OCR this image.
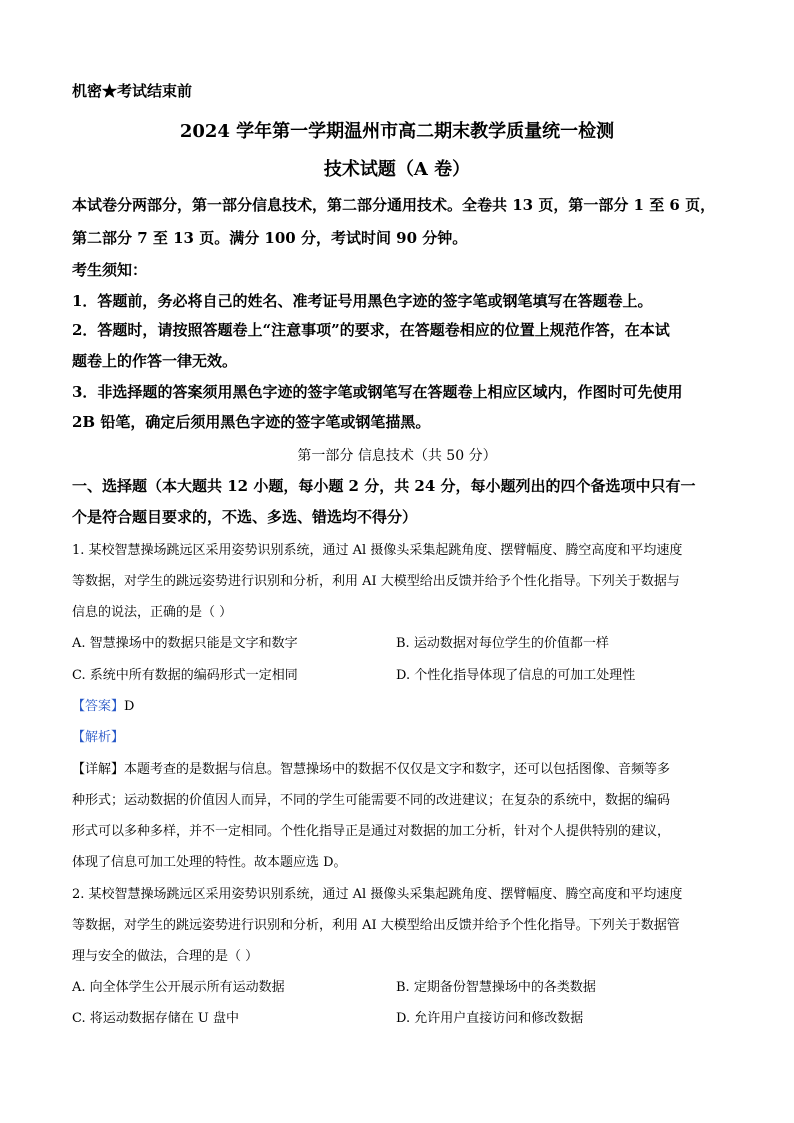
机密★考试结束前
2024 学年第一学期温州市高二期末教学质量统一检测
技术试题（A 卷）
本试卷分两部分，第一部分信息技术，第二部分通用技术。全卷共 13 页，第一部分 1 至 6 页，
第二部分 7 至 13 页。满分 100 分，考试时间 90 分钟。
考生须知：
1．答题前，务必将自己的姓名、准考证号用黑色字迹的签字笔或钢笔填写在答题卷上。
2．答题时，请按照答题卷上“注意事项”的要求，在答题卷相应的位置上规范作答，在本试
题卷上的作答一律无效。
3．非选择题的答案须用黑色字迹的签字笔或钢笔写在答题卷上相应区域内，作图时可先使用
2B 铅笔，确定后须用黑色字迹的签字笔或钢笔描黑。
第一部分 信息技术（共 50 分）
一、选择题（本大题共 12 小题，每小题 2 分，共 24 分，每小题列出的四个备选项中只有一
个是符合题目要求的，不选、多选、错选均不得分）
1. 某校智慧操场跳远区采用姿势识别系统，通过 Al 摄像头采集起跳角度、摆臂幅度、腾空高度和平均速度
等数据，对学生的跳远姿势进行识别和分析，利用 AI 大模型给出反馈并给予个性化指导。下列关于数据与
信息的说法，正确的是（ ）
A. 智慧操场中的数据只能是文字和数字	B. 运动数据对每位学生的价值都一样
C. 系统中所有数据的编码形式一定相同	D. 个性化指导体现了信息的可加工处理性
【答案】D
【解析】
【详解】本题考查的是数据与信息。智慧操场中的数据不仅仅是文字和数字，还可以包括图像、音频等多
种形式；运动数据的价值因人而异，不同的学生可能需要不同的改进建议；在复杂的系统中，数据的编码
形式可以多种多样，并不一定相同。个性化指导正是通过对数据的加工分析，针对个人提供特别的建议，
体现了信息可加工处理的特性。故本题应选 D。
2. 某校智慧操场跳远区采用姿势识别系统，通过 Al 摄像头采集起跳角度、摆臂幅度、腾空高度和平均速度
等数据，对学生的跳远姿势进行识别和分析，利用 AI 大模型给出反馈并给予个性化指导。下列关于数据管
理与安全的做法，合理的是（ ）
A. 向全体学生公开展示所有运动数据	B. 定期备份智慧操场中的各类数据
C. 将运动数据存储在 U 盘中	D. 允许用户直接访问和修改数据
